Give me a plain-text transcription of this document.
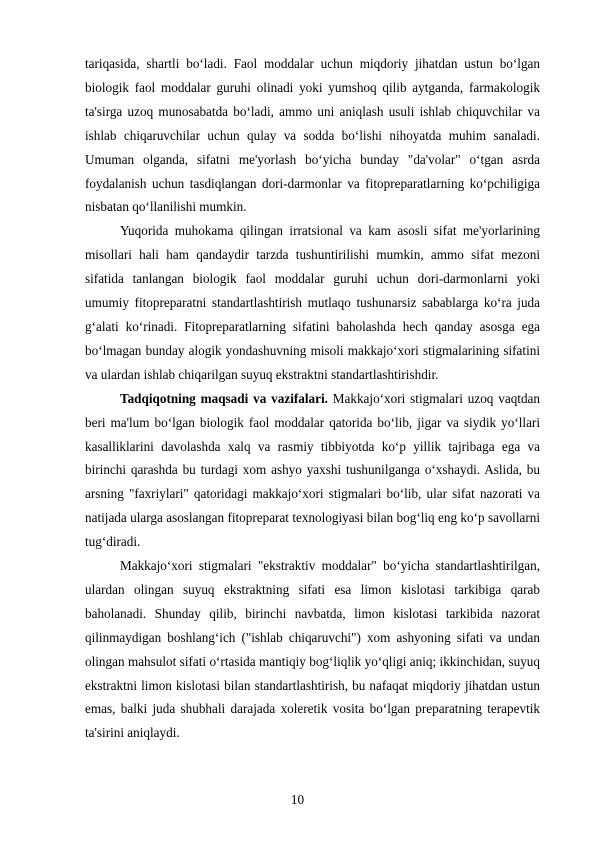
tariqasida, shartli bo‘ladi. Faol moddalar uchun miqdoriy jihatdan ustun bo‘lgan biologik faol moddalar guruhi olinadi yoki yumshoq qilib aytganda, farmakologik ta'sirga uzoq munosabatda bo‘ladi, ammo uni aniqlash usuli ishlab chiquvchilar va ishlab chiqaruvchilar uchun qulay va sodda bo‘lishi nihoyatda muhim sanaladi. Umuman olganda, sifatni me'yorlash bo‘yicha bunday "da'volar" o‘tgan asrda foydalanish uchun tasdiqlangan dori-darmonlar va fitopreparatlarning ko‘pchiligiga nisbatan qo‘llanilishi mumkin.

Yuqorida muhokama qilingan irratsional va kam asosli sifat me'yorlarining misollari hali ham qandaydir tarzda tushuntirilishi mumkin, ammo sifat mezoni sifatida tanlangan biologik faol moddalar guruhi uchun dori-darmonlarni yoki umumiy fitopreparatni standartlashtirish mutlaqo tushunarsiz sabablarga ko‘ra juda g‘alati ko‘rinadi. Fitopreparatlarning sifatini baholashda hech qanday asosga ega bo‘lmagan bunday alogik yondashuvning misoli makkajo‘xori stigmalarining sifatini va ulardan ishlab chiqarilgan suyuq ekstraktni standartlashtirishdir.

Tadqiqotning maqsadi va vazifalari. Makkajo‘xori stigmalari uzoq vaqtdan beri ma'lum bo‘lgan biologik faol moddalar qatorida bo‘lib, jigar va siydik yo‘llari kasalliklarini davolashda xalq va rasmiy tibbiyotda ko‘p yillik tajribaga ega va birinchi qarashda bu turdagi xom ashyo yaxshi tushunilganga o‘xshaydi. Aslida, bu arsning "faxriylari" qatoridagi makkajo‘xori stigmalari bo‘lib, ular sifat nazorati va natijada ularga asoslangan fitopreparat texnologiyasi bilan bog‘liq eng ko‘p savollarni tug‘diradi.

Makkajo‘xori stigmalari "ekstraktiv moddalar" bo‘yicha standartlashtirilgan, ulardan olingan suyuq ekstraktning sifati esa limon kislotasi tarkibiga qarab baholanadi. Shunday qilib, birinchi navbatda, limon kislotasi tarkibida nazorat qilinmaydigan boshlang‘ich ("ishlab chiqaruvchi") xom ashyoning sifati va undan olingan mahsulot sifati o‘rtasida mantiqiy bog‘liqlik yo‘qligi aniq; ikkinchidan, suyuq ekstraktni limon kislotasi bilan standartlashtirish, bu nafaqat miqdoriy jihatdan ustun emas, balki juda shubhali darajada xoleretik vosita bo‘lgan preparatning terapevtik ta'sirini aniqlaydi.

10
